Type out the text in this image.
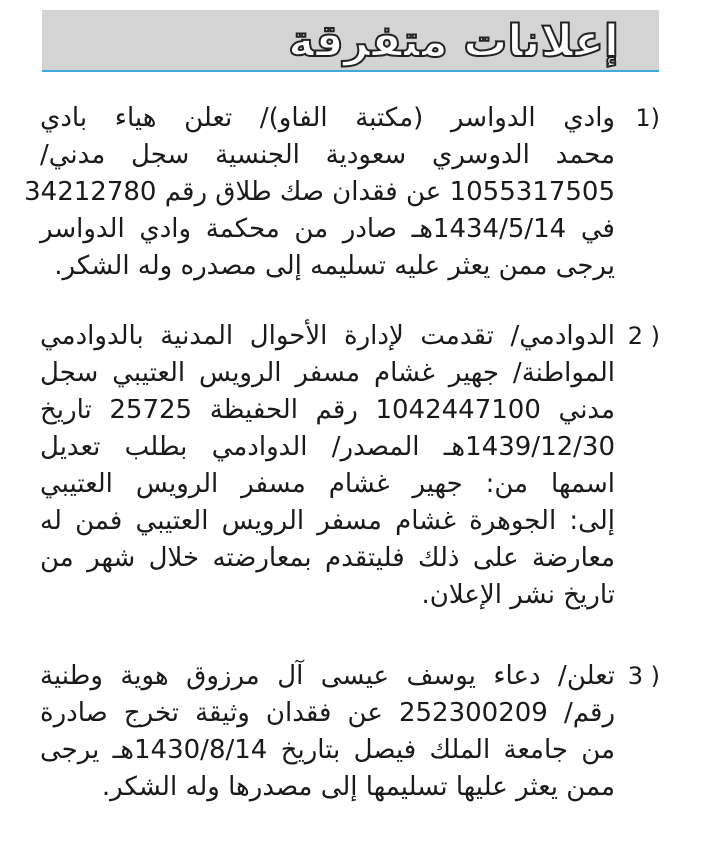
إعلانات متفرقة
1)
وادي الدواسر (مكتبة الفاو)/ تعلن هياء بادي
محمد الدوسري سعودية الجنسية سجل مدني/
1055317505 عن فقدان صك طلاق رقم 34212780
في 1434/5/14هـ صادر من محكمة وادي الدواسر
يرجى ممن يعثر عليه تسليمه إلى مصدره وله الشكر.
2 )
الدوادمي/ تقدمت لإدارة الأحوال المدنية بالدوادمي
المواطنة/ جهير غشام مسفر الرويس العتيبي سجل
مدني 1042447100 رقم الحفيظة 25725 تاريخ
1439/12/30هـ المصدر/ الدوادمي بطلب تعديل
اسمها من: جهير غشام مسفر الرويس العتيبي
إلى: الجوهرة غشام مسفر الرويس العتيبي فمن له
معارضة على ذلك فليتقدم بمعارضته خلال شهر من
تاريخ نشر الإعلان.
3 )
تعلن/ دعاء يوسف عيسى آل مرزوق هوية وطنية
رقم/ 252300209 عن فقدان وثيقة تخرج صادرة
من جامعة الملك فيصل بتاريخ 1430/8/14هـ يرجى
ممن يعثر عليها تسليمها إلى مصدرها وله الشكر.
